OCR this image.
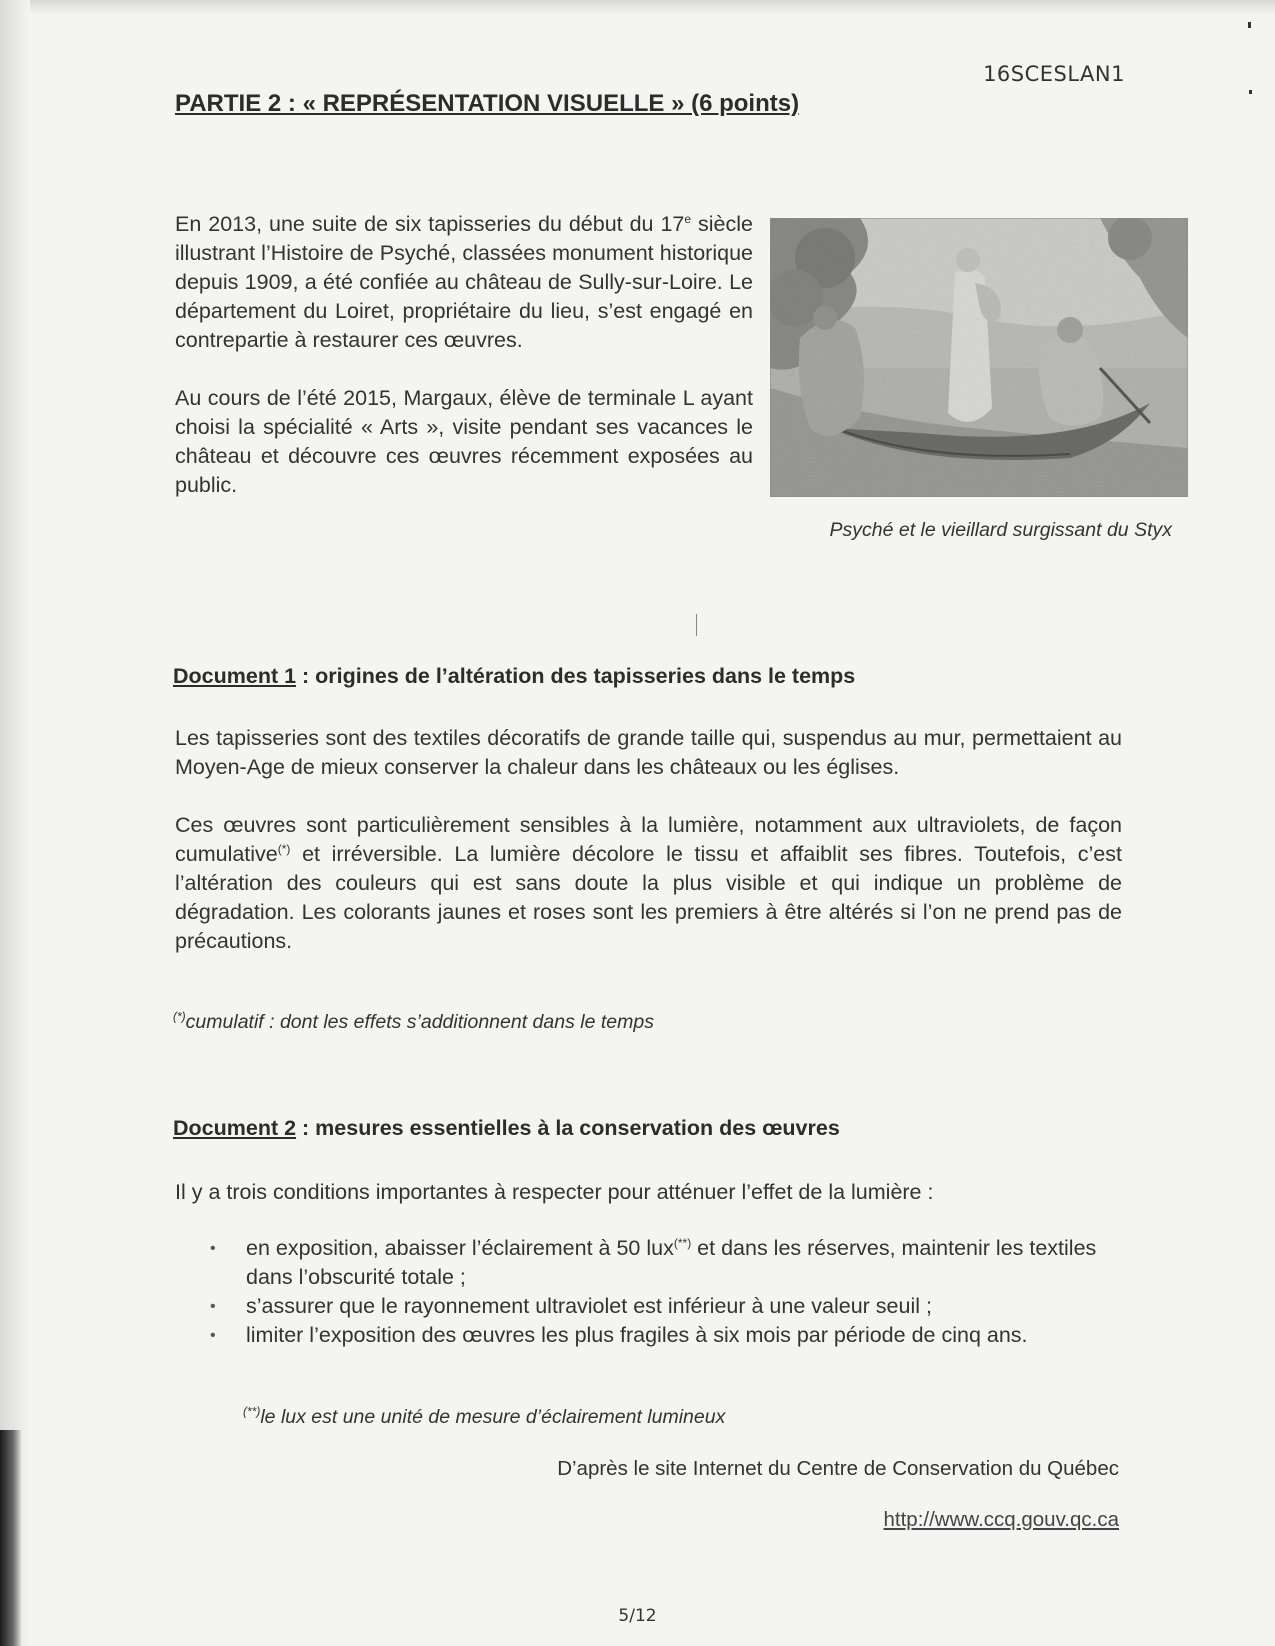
16SCESLAN1
PARTIE 2 : « REPRÉSENTATION VISUELLE » (6 points)

En 2013, une suite de six tapisseries du début du 17e siècle illustrant l’Histoire de Psyché, classées monument historique depuis 1909, a été confiée au château de Sully-sur-Loire. Le département du Loiret, propriétaire du lieu, s’est engagé en contrepartie à restaurer ces œuvres.

Au cours de l’été 2015, Margaux, élève de terminale L ayant choisi la spécialité « Arts », visite pendant ses vacances le château et découvre ces œuvres récemment exposées au public.

Psyché et le vieillard surgissant du Styx
Document 1 : origines de l’altération des tapisseries dans le temps

Les tapisseries sont des textiles décoratifs de grande taille qui, suspendus au mur, permettaient au Moyen-Age de mieux conserver la chaleur dans les châteaux ou les églises.

Ces œuvres sont particulièrement sensibles à la lumière, notamment aux ultraviolets, de façon cumulative(*) et irréversible. La lumière décolore le tissu et affaiblit ses fibres. Toutefois, c’est l’altération des couleurs qui est sans doute la plus visible et qui indique un problème de dégradation. Les colorants jaunes et roses sont les premiers à être altérés si l’on ne prend pas de précautions.

(*)cumulatif : dont les effets s’additionnent dans le temps
Document 2 : mesures essentielles à la conservation des œuvres
Il y a trois conditions importantes à respecter pour atténuer l’effet de la lumière :
• en exposition, abaisser l’éclairement à 50 lux(**) et dans les réserves, maintenir les textiles dans l’obscurité totale ;
• s’assurer que le rayonnement ultraviolet est inférieur à une valeur seuil ;
• limiter l’exposition des œuvres les plus fragiles à six mois par période de cinq ans.
(**)le lux est une unité de mesure d’éclairement lumineux
D’après le site Internet du Centre de Conservation du Québec
http://www.ccq.gouv.qc.ca
5/12
